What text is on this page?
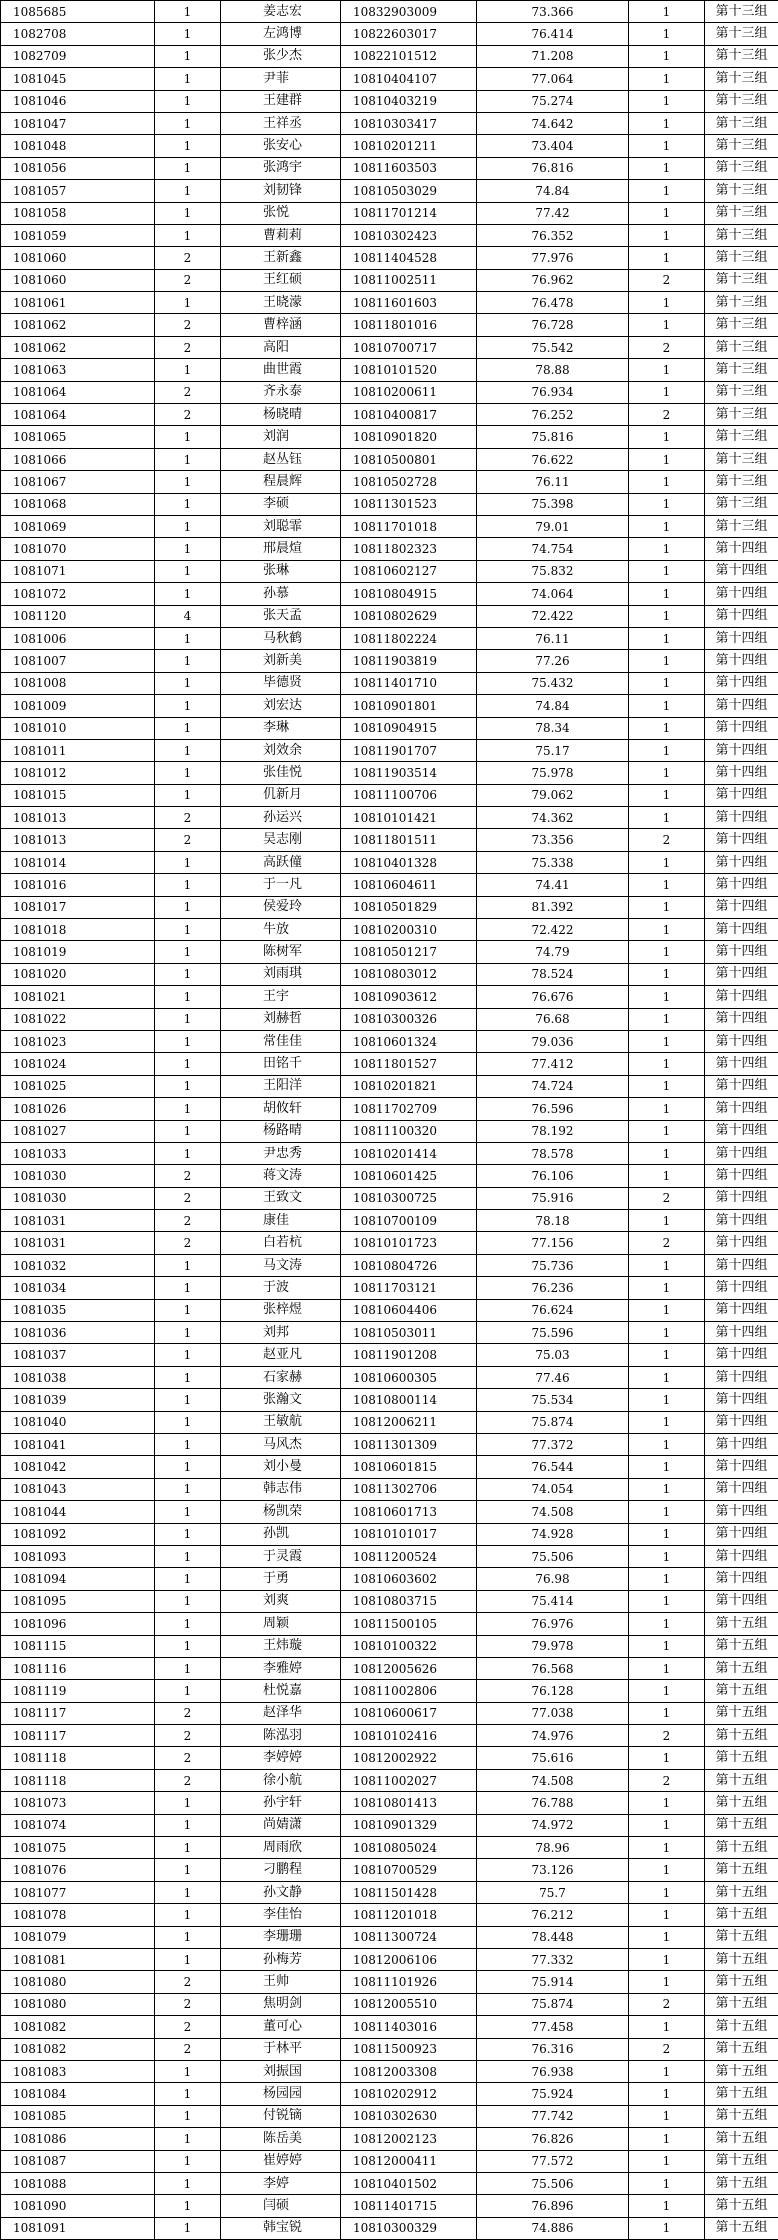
1085685	1	姜志宏	10832903009	73.366	1	第十三组
1082708	1	左鸿博	10822603017	76.414	1	第十三组
1082709	1	张少杰	10822101512	71.208	1	第十三组
1081045	1	尹菲	10810404107	77.064	1	第十三组
1081046	1	王建群	10810403219	75.274	1	第十三组
1081047	1	王祥丞	10810303417	74.642	1	第十三组
1081048	1	张安心	10810201211	73.404	1	第十三组
1081056	1	张鸿宇	10811603503	76.816	1	第十三组
1081057	1	刘韧锋	10810503029	74.84	1	第十三组
1081058	1	张悦	10811701214	77.42	1	第十三组
1081059	1	曹莉莉	10810302423	76.352	1	第十三组
1081060	2	王新鑫	10811404528	77.976	1	第十三组
1081060	2	王红硕	10811002511	76.962	2	第十三组
1081061	1	王晓濛	10811601603	76.478	1	第十三组
1081062	2	曹梓涵	10811801016	76.728	1	第十三组
1081062	2	高阳	10810700717	75.542	2	第十三组
1081063	1	曲世霞	10810101520	78.88	1	第十三组
1081064	2	齐永泰	10810200611	76.934	1	第十三组
1081064	2	杨晓晴	10810400817	76.252	2	第十三组
1081065	1	刘润	10810901820	75.816	1	第十三组
1081066	1	赵丛钰	10810500801	76.622	1	第十三组
1081067	1	程晨辉	10810502728	76.11	1	第十三组
1081068	1	李硕	10811301523	75.398	1	第十三组
1081069	1	刘聪霏	10811701018	79.01	1	第十三组
1081070	1	邢晨煊	10811802323	74.754	1	第十四组
1081071	1	张琳	10810602127	75.832	1	第十四组
1081072	1	孙慕	10810804915	74.064	1	第十四组
1081120	4	张天孟	10810802629	72.422	1	第十四组
1081006	1	马秋鹤	10811802224	76.11	1	第十四组
1081007	1	刘新美	10811903819	77.26	1	第十四组
1081008	1	毕德贤	10811401710	75.432	1	第十四组
1081009	1	刘宏达	10810901801	74.84	1	第十四组
1081010	1	李琳	10810904915	78.34	1	第十四组
1081011	1	刘效余	10811901707	75.17	1	第十四组
1081012	1	张佳悦	10811903514	75.978	1	第十四组
1081015	1	仉新月	10811100706	79.062	1	第十四组
1081013	2	孙运兴	10810101421	74.362	1	第十四组
1081013	2	吴志刚	10811801511	73.356	2	第十四组
1081014	1	高跃僮	10810401328	75.338	1	第十四组
1081016	1	于一凡	10810604611	74.41	1	第十四组
1081017	1	侯爱玲	10810501829	81.392	1	第十四组
1081018	1	牛放	10810200310	72.422	1	第十四组
1081019	1	陈树军	10810501217	74.79	1	第十四组
1081020	1	刘雨琪	10810803012	78.524	1	第十四组
1081021	1	王宇	10810903612	76.676	1	第十四组
1081022	1	刘赫哲	10810300326	76.68	1	第十四组
1081023	1	常佳佳	10810601324	79.036	1	第十四组
1081024	1	田铭千	10811801527	77.412	1	第十四组
1081025	1	王阳洋	10810201821	74.724	1	第十四组
1081026	1	胡攸轩	10811702709	76.596	1	第十四组
1081027	1	杨路晴	10811100320	78.192	1	第十四组
1081033	1	尹忠秀	10810201414	78.578	1	第十四组
1081030	2	蒋文涛	10810601425	76.106	1	第十四组
1081030	2	王致文	10810300725	75.916	2	第十四组
1081031	2	康佳	10810700109	78.18	1	第十四组
1081031	2	白若杭	10810101723	77.156	2	第十四组
1081032	1	马文涛	10810804726	75.736	1	第十四组
1081034	1	于波	10811703121	76.236	1	第十四组
1081035	1	张梓煜	10810604406	76.624	1	第十四组
1081036	1	刘邦	10810503011	75.596	1	第十四组
1081037	1	赵亚凡	10811901208	75.03	1	第十四组
1081038	1	石家赫	10810600305	77.46	1	第十四组
1081039	1	张瀚文	10810800114	75.534	1	第十四组
1081040	1	王敏航	10812006211	75.874	1	第十四组
1081041	1	马风杰	10811301309	77.372	1	第十四组
1081042	1	刘小曼	10810601815	76.544	1	第十四组
1081043	1	韩志伟	10811302706	74.054	1	第十四组
1081044	1	杨凯荣	10810601713	74.508	1	第十四组
1081092	1	孙凯	10810101017	74.928	1	第十四组
1081093	1	于灵霞	10811200524	75.506	1	第十四组
1081094	1	于勇	10810603602	76.98	1	第十四组
1081095	1	刘爽	10810803715	75.414	1	第十四组
1081096	1	周颖	10811500105	76.976	1	第十五组
1081115	1	王炜璇	10810100322	79.978	1	第十五组
1081116	1	李雅婷	10812005626	76.568	1	第十五组
1081119	1	杜悦嘉	10811002806	76.128	1	第十五组
1081117	2	赵泽华	10810600617	77.038	1	第十五组
1081117	2	陈泓羽	10810102416	74.976	2	第十五组
1081118	2	李婷婷	10812002922	75.616	1	第十五组
1081118	2	徐小航	10811002027	74.508	2	第十五组
1081073	1	孙宇轩	10810801413	76.788	1	第十五组
1081074	1	尚婧潇	10810901329	74.972	1	第十五组
1081075	1	周雨欣	10810805024	78.96	1	第十五组
1081076	1	刁鹏程	10810700529	73.126	1	第十五组
1081077	1	孙文静	10811501428	75.7	1	第十五组
1081078	1	李佳怡	10811201018	76.212	1	第十五组
1081079	1	李珊珊	10811300724	78.448	1	第十五组
1081081	1	孙梅芳	10812006106	77.332	1	第十五组
1081080	2	王帅	10811101926	75.914	1	第十五组
1081080	2	焦明剑	10812005510	75.874	2	第十五组
1081082	2	董可心	10811403016	77.458	1	第十五组
1081082	2	于林平	10811500923	76.316	2	第十五组
1081083	1	刘振国	10812003308	76.938	1	第十五组
1081084	1	杨园园	10810202912	75.924	1	第十五组
1081085	1	付锐镝	10810302630	77.742	1	第十五组
1081086	1	陈岳美	10812002123	76.826	1	第十五组
1081087	1	崔婷婷	10812000411	77.572	1	第十五组
1081088	1	李婷	10810401502	75.506	1	第十五组
1081090	1	闫硕	10811401715	76.896	1	第十五组
1081091	1	韩宝锐	10810300329	74.886	1	第十五组
